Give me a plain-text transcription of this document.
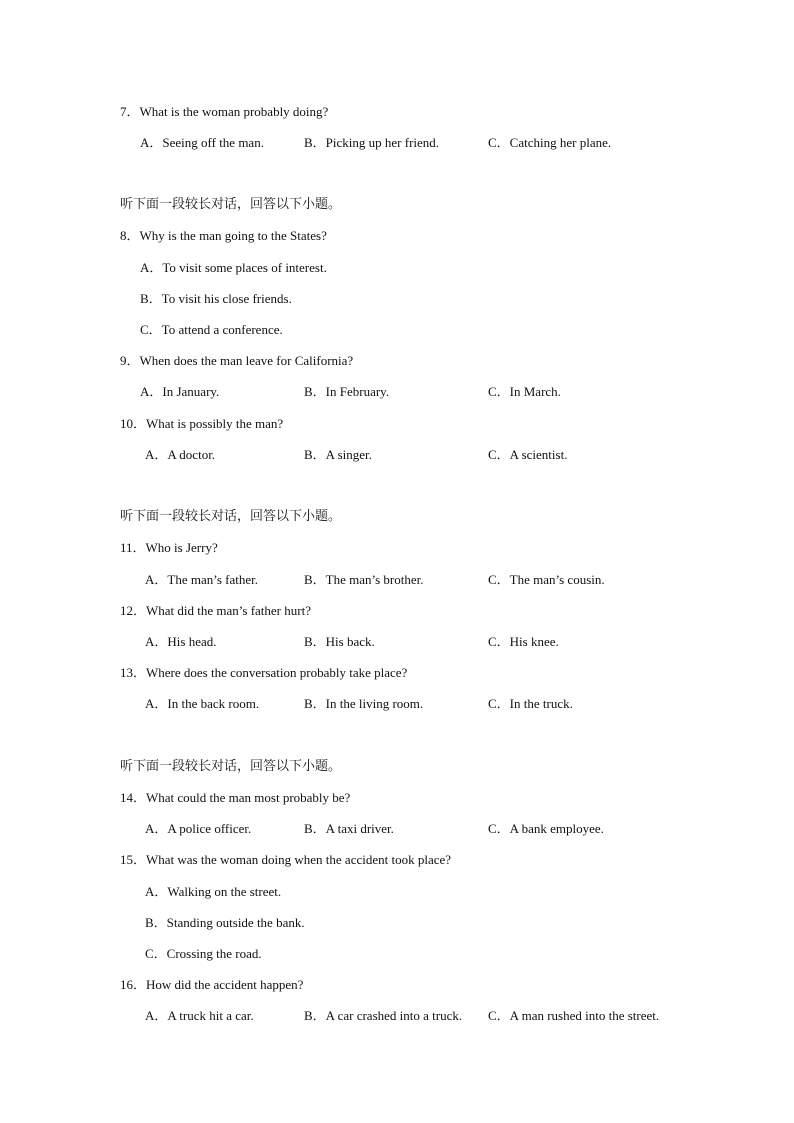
7．What is the woman probably doing?
A．Seeing off the man.	B．Picking up her friend.	C．Catching her plane.
听下面一段较长对话，回答以下小题。
8．Why is the man going to the States?
A．To visit some places of interest.
B．To visit his close friends.
C．To attend a conference.
9．When does the man leave for California?
A．In January.	B．In February.	C．In March.
10．What is possibly the man?
A．A doctor.	B．A singer.	C．A scientist.
听下面一段较长对话，回答以下小题。
11．Who is Jerry?
A．The man’s father.	B．The man’s brother.	C．The man’s cousin.
12．What did the man’s father hurt?
A．His head.	B．His back.	C．His knee.
13．Where does the conversation probably take place?
A．In the back room.	B．In the living room.	C．In the truck.
听下面一段较长对话，回答以下小题。
14．What could the man most probably be?
A．A police officer.	B．A taxi driver.	C．A bank employee.
15．What was the woman doing when the accident took place?
A．Walking on the street.
B．Standing outside the bank.
C．Crossing the road.
16．How did the accident happen?
A．A truck hit a car.	B．A car crashed into a truck. C．A man rushed into the street.
